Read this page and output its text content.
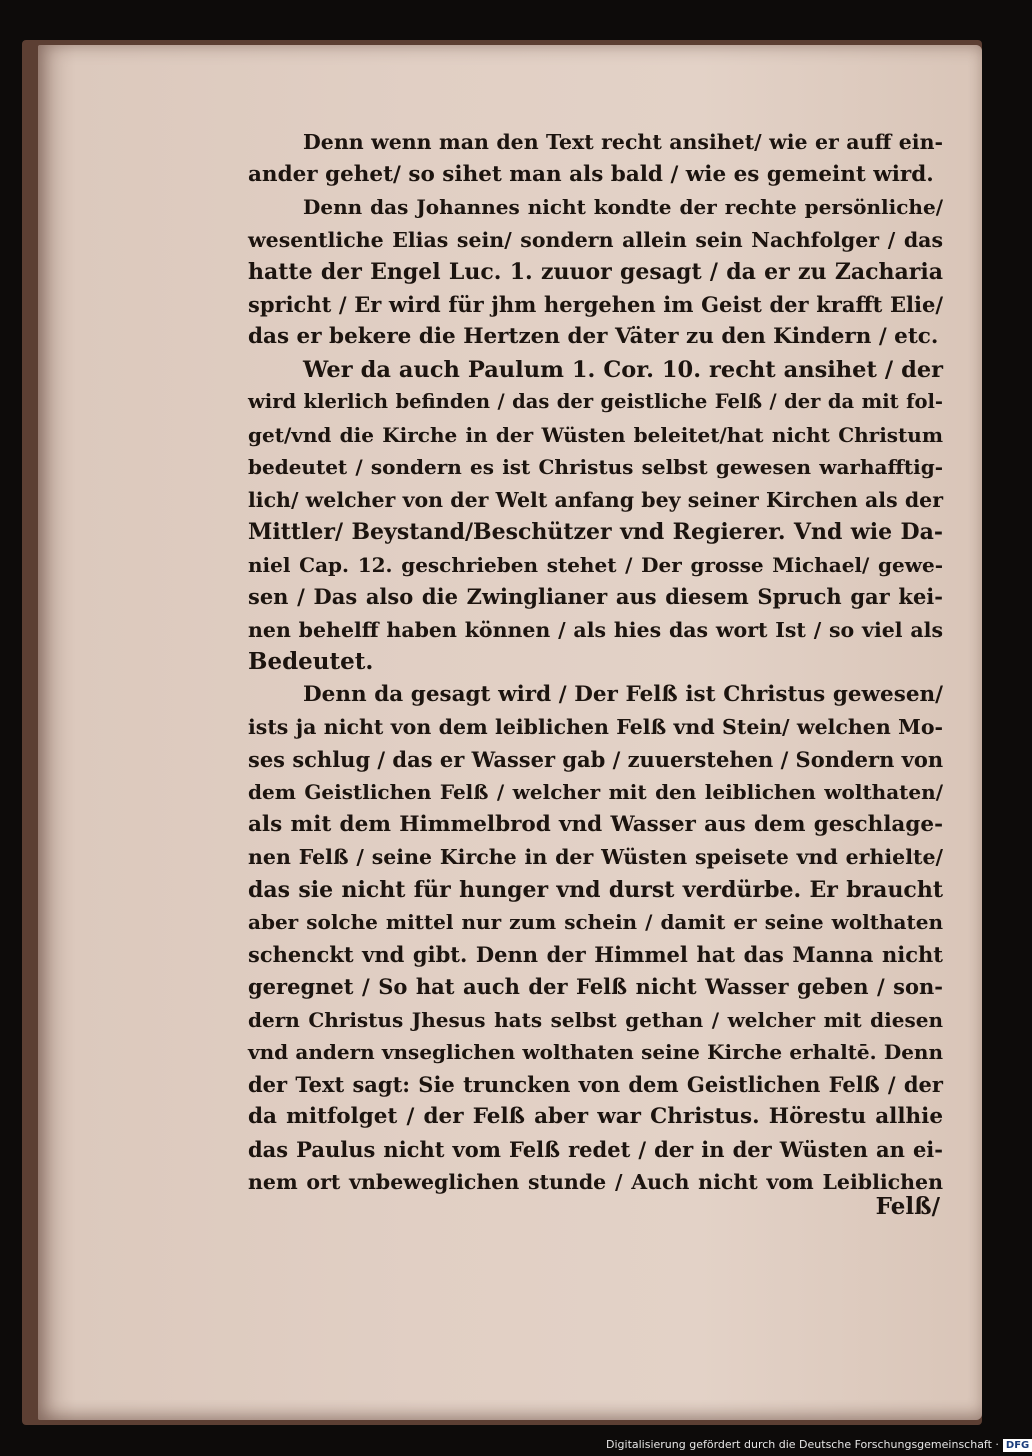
Denn wenn man den Text recht ansihet/ wie er auff ein-
ander gehet/ so sihet man als bald / wie es gemeint wird.
Denn das Johannes nicht kondte der rechte persönliche/
wesentliche Elias sein/ sondern allein sein Nachfolger / das
hatte der Engel Luc. 1. zuuor gesagt / da er zu Zacharia
spricht / Er wird für jhm hergehen im Geist der krafft Elie/
das er bekere die Hertzen der Väter zu den Kindern / etc.
Wer da auch Paulum 1. Cor. 10. recht ansihet / der
wird klerlich befinden / das der geistliche Felß / der da mit fol-
get/vnd die Kirche in der Wüsten beleitet/hat nicht Christum
bedeutet / sondern es ist Christus selbst gewesen warhafftig-
lich/ welcher von der Welt anfang bey seiner Kirchen als der
Mittler/ Beystand/Beschützer vnd Regierer. Vnd wie Da-
niel Cap. 12. geschrieben stehet / Der grosse Michael/ gewe-
sen / Das also die Zwinglianer aus diesem Spruch gar kei-
nen behelff haben können / als hies das wort Ist / so viel als
Bedeutet.
Denn da gesagt wird / Der Felß ist Christus gewesen/
ists ja nicht von dem leiblichen Felß vnd Stein/ welchen Mo-
ses schlug / das er Wasser gab / zuuerstehen / Sondern von
dem Geistlichen Felß / welcher mit den leiblichen wolthaten/
als mit dem Himmelbrod vnd Wasser aus dem geschlage-
nen Felß / seine Kirche in der Wüsten speisete vnd erhielte/
das sie nicht für hunger vnd durst verdürbe. Er braucht
aber solche mittel nur zum schein / damit er seine wolthaten
schenckt vnd gibt. Denn der Himmel hat das Manna nicht
geregnet / So hat auch der Felß nicht Wasser geben / son-
dern Christus Jhesus hats selbst gethan / welcher mit diesen
vnd andern vnseglichen wolthaten seine Kirche erhaltē. Denn
der Text sagt: Sie truncken von dem Geistlichen Felß / der
da mitfolget / der Felß aber war Christus. Hörestu allhie
das Paulus nicht vom Felß redet / der in der Wüsten an ei-
nem ort vnbeweglichen stunde / Auch nicht vom Leiblichen
Felß/
Digitalisierung gefördert durch die Deutsche Forschungsgemeinschaft · DFG
